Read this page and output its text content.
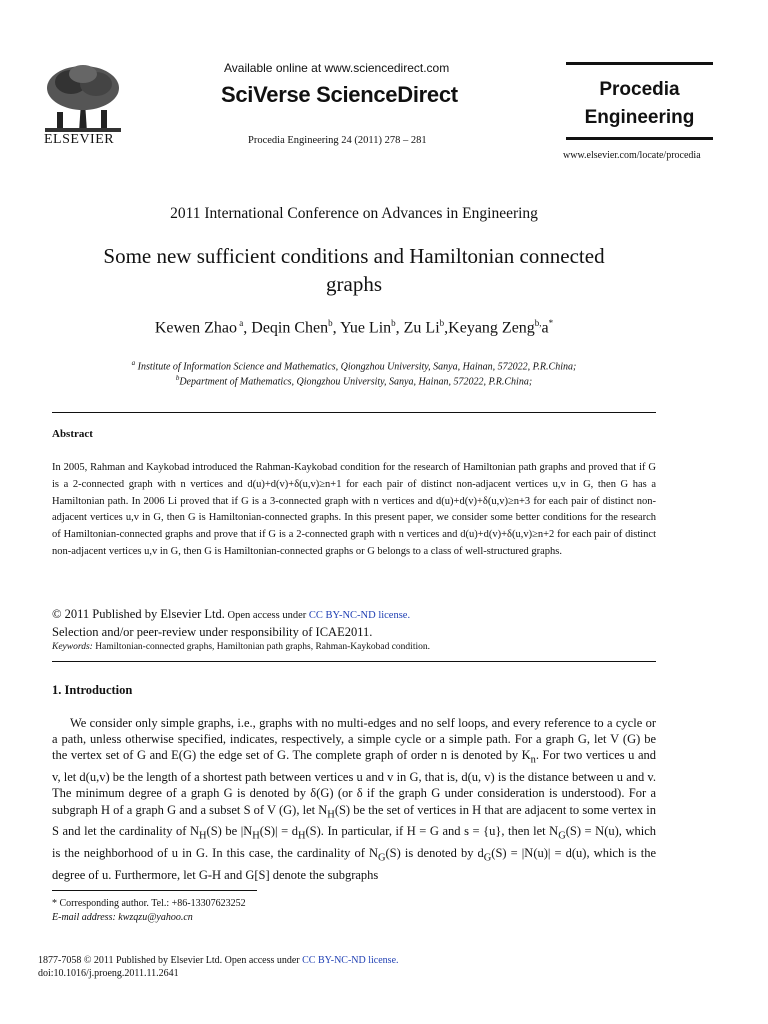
ELSEVIER
Available online at www.sciencedirect.com
SciVerse ScienceDirect
Procedia Engineering 24 (2011) 278 – 281
Procedia
Engineering
www.elsevier.com/locate/procedia
2011 International Conference on Advances in Engineering
Some new sufficient conditions and Hamiltonian connected
graphs
Kewen Zhao $^a$, Deqin Chen$^b$, Yue Lin$^b$, Zu Li$^b$,Keyang Zeng$^{b,}$a*
$^a$ Institute of Information Science and Mathematics, Qiongzhou University, Sanya, Hainan, 572022, P.R.China;
$^b$Department of Mathematics, Qiongzhou University, Sanya, Hainan, 572022, P.R.China;
Abstract
In 2005, Rahman and Kaykobad introduced the Rahman-Kaykobad condition for the research of Hamiltonian path graphs and proved that if G is a 2-connected graph with n vertices and d(u)+d(v)+δ(u,v)≥n+1 for each pair of distinct non-adjacent vertices u,v in G, then G has a Hamiltonian path. In 2006 Li proved that if G is a 3-connected graph with n vertices and d(u)+d(v)+δ(u,v)≥n+3 for each pair of distinct non-adjacent vertices u,v in G, then G is Hamiltonian-connected graphs. In this present paper, we consider some better conditions for the research of Hamiltonian-connected graphs and prove that if G is a 2-connected graph with n vertices and d(u)+d(v)+δ(u,v)≥n+2 for each pair of distinct non-adjacent vertices u,v in G, then G is Hamiltonian-connected graphs or G belongs to a class of well-structured graphs.
© 2011 Published by Elsevier Ltd. Open access under CC BY-NC-ND license.
Selection and/or peer-review under responsibility of ICAE2011.
Keywords: Hamiltonian-connected graphs, Hamiltonian path graphs, Rahman-Kaykobad condition.
1. Introduction

We consider only simple graphs, i.e., graphs with no multi-edges and no self loops, and every reference to a cycle or a path, unless otherwise specified, indicates, respectively, a simple cycle or a simple path. For a graph G, let V (G) be the vertex set of G and E(G) the edge set of G. The complete graph of order n is denoted by $K_n$. For two vertices u and v, let d(u,v) be the length of a shortest path between vertices u and v in G, that is, d(u, v) is the distance between u and v. The minimum degree of a graph G is denoted by δ(G) (or δ if the graph G under consideration is understood). For a subgraph H of a graph G and a subset S of V (G), let $N_H(S)$ be the set of vertices in H that are adjacent to some vertex in S and let the cardinality of $N_H(S)$ be $|N_H(S)| = d_H(S)$. In particular, if H = G and s = {u}, then let $N_G(S) = N(u)$, which is the neighborhood of u in G. In this case, the cardinality of $N_G(S)$ is denoted by $d_G(S) = |N(u)| = d(u)$, which is the degree of u. Furthermore, let G-H and G[S] denote the subgraphs

* Corresponding author. Tel.: +86-13307623252
E-mail address: kwzqzu@yahoo.cn
1877-7058 © 2011 Published by Elsevier Ltd. Open access under CC BY-NC-ND license.
doi:10.1016/j.proeng.2011.11.2641
